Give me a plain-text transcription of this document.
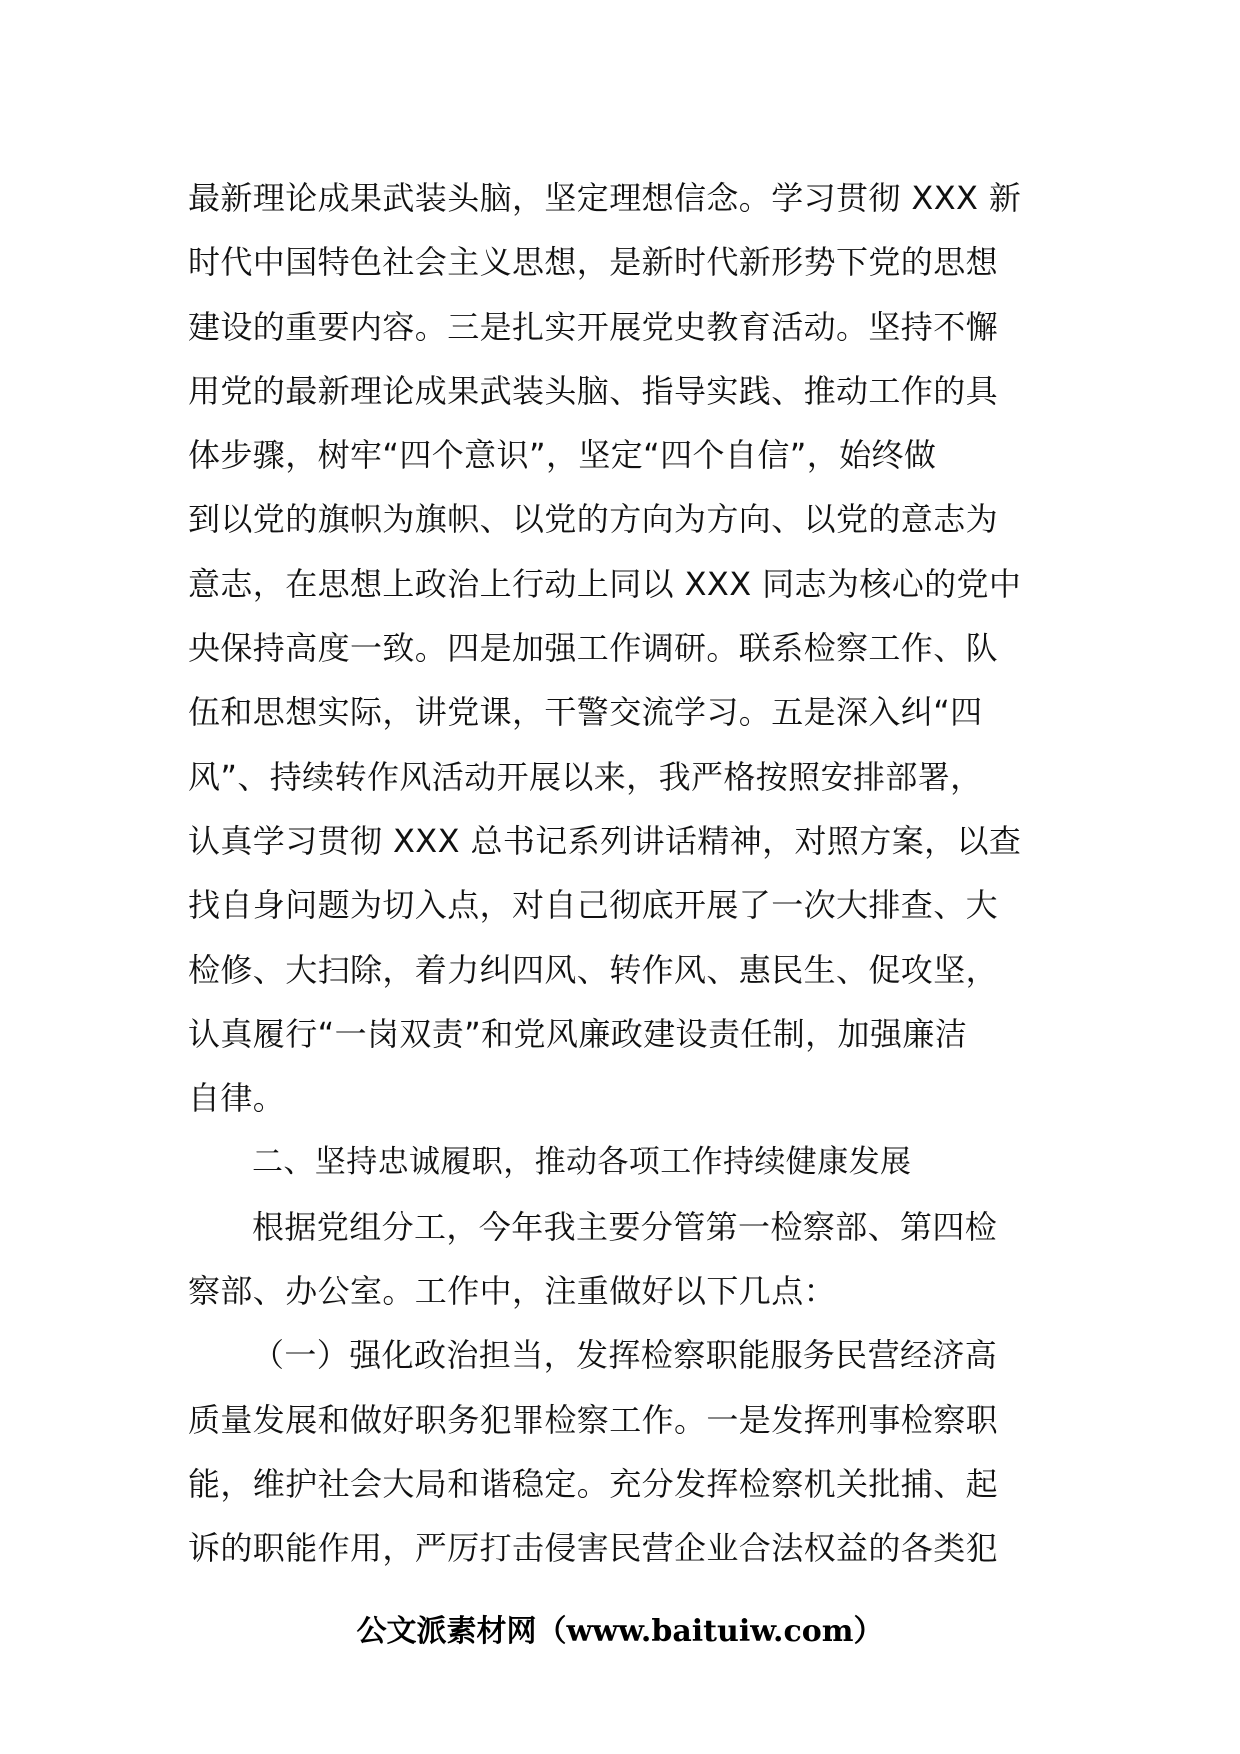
最新理论成果武装头脑，坚定理想信念。学习贯彻 XXX 新
时代中国特色社会主义思想，是新时代新形势下党的思想
建设的重要内容。三是扎实开展党史教育活动。坚持不懈
用党的最新理论成果武装头脑、指导实践、推动工作的具
体步骤，树牢“四个意识”，坚定“四个自信”，始终做
到以党的旗帜为旗帜、以党的方向为方向、以党的意志为
意志，在思想上政治上行动上同以 XXX 同志为核心的党中
央保持高度一致。四是加强工作调研。联系检察工作、队
伍和思想实际，讲党课，干警交流学习。五是深入纠“四
风”、持续转作风活动开展以来，我严格按照安排部署，
认真学习贯彻 XXX 总书记系列讲话精神，对照方案，以查
找自身问题为切入点，对自己彻底开展了一次大排查、大
检修、大扫除，着力纠四风、转作风、惠民生、促攻坚，
认真履行“一岗双责”和党风廉政建设责任制，加强廉洁
自律。
二、坚持忠诚履职，推动各项工作持续健康发展
根据党组分工，今年我主要分管第一检察部、第四检
察部、办公室。工作中，注重做好以下几点：
（一）强化政治担当，发挥检察职能服务民营经济高
质量发展和做好职务犯罪检察工作。一是发挥刑事检察职
能，维护社会大局和谐稳定。充分发挥检察机关批捕、起
诉的职能作用，严厉打击侵害民营企业合法权益的各类犯
公文派素材网（www.baituiw.com）
